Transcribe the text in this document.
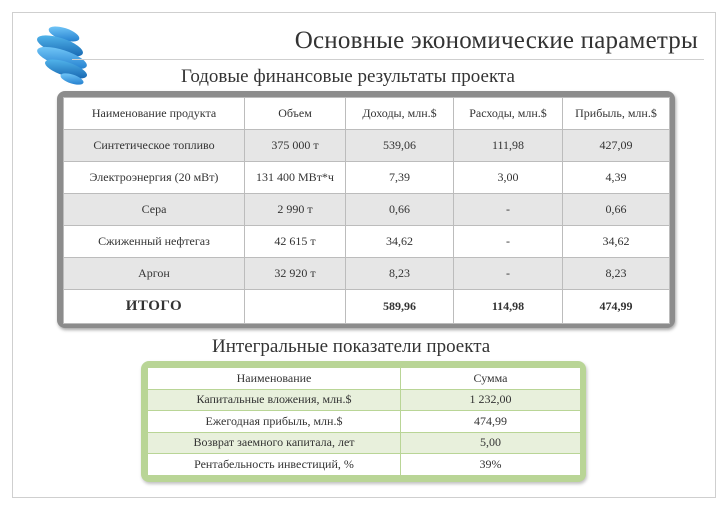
Основные экономические параметры
Годовые финансовые результаты проекта
Наименование продукта	Объем	Доходы, млн.$	Расходы, млн.$	Прибыль, млн.$
Синтетическое топливо	375 000 т	539,06	111,98	427,09
Электроэнергия (20 мВт)	131 400 МВт*ч	7,39	3,00	4,39
Сера	2 990 т	0,66	-	0,66
Сжиженный нефтегаз	42 615 т	34,62	-	34,62
Аргон	32 920 т	8,23	-	8,23
ИТОГО		589,96	114,98	474,99
Интегральные показатели проекта
Наименование	Сумма
Капитальные вложения, млн.$	1 232,00
Ежегодная прибыль, млн.$	474,99
Возврат заемного капитала, лет	5,00
Рентабельность инвестиций, %	39%
